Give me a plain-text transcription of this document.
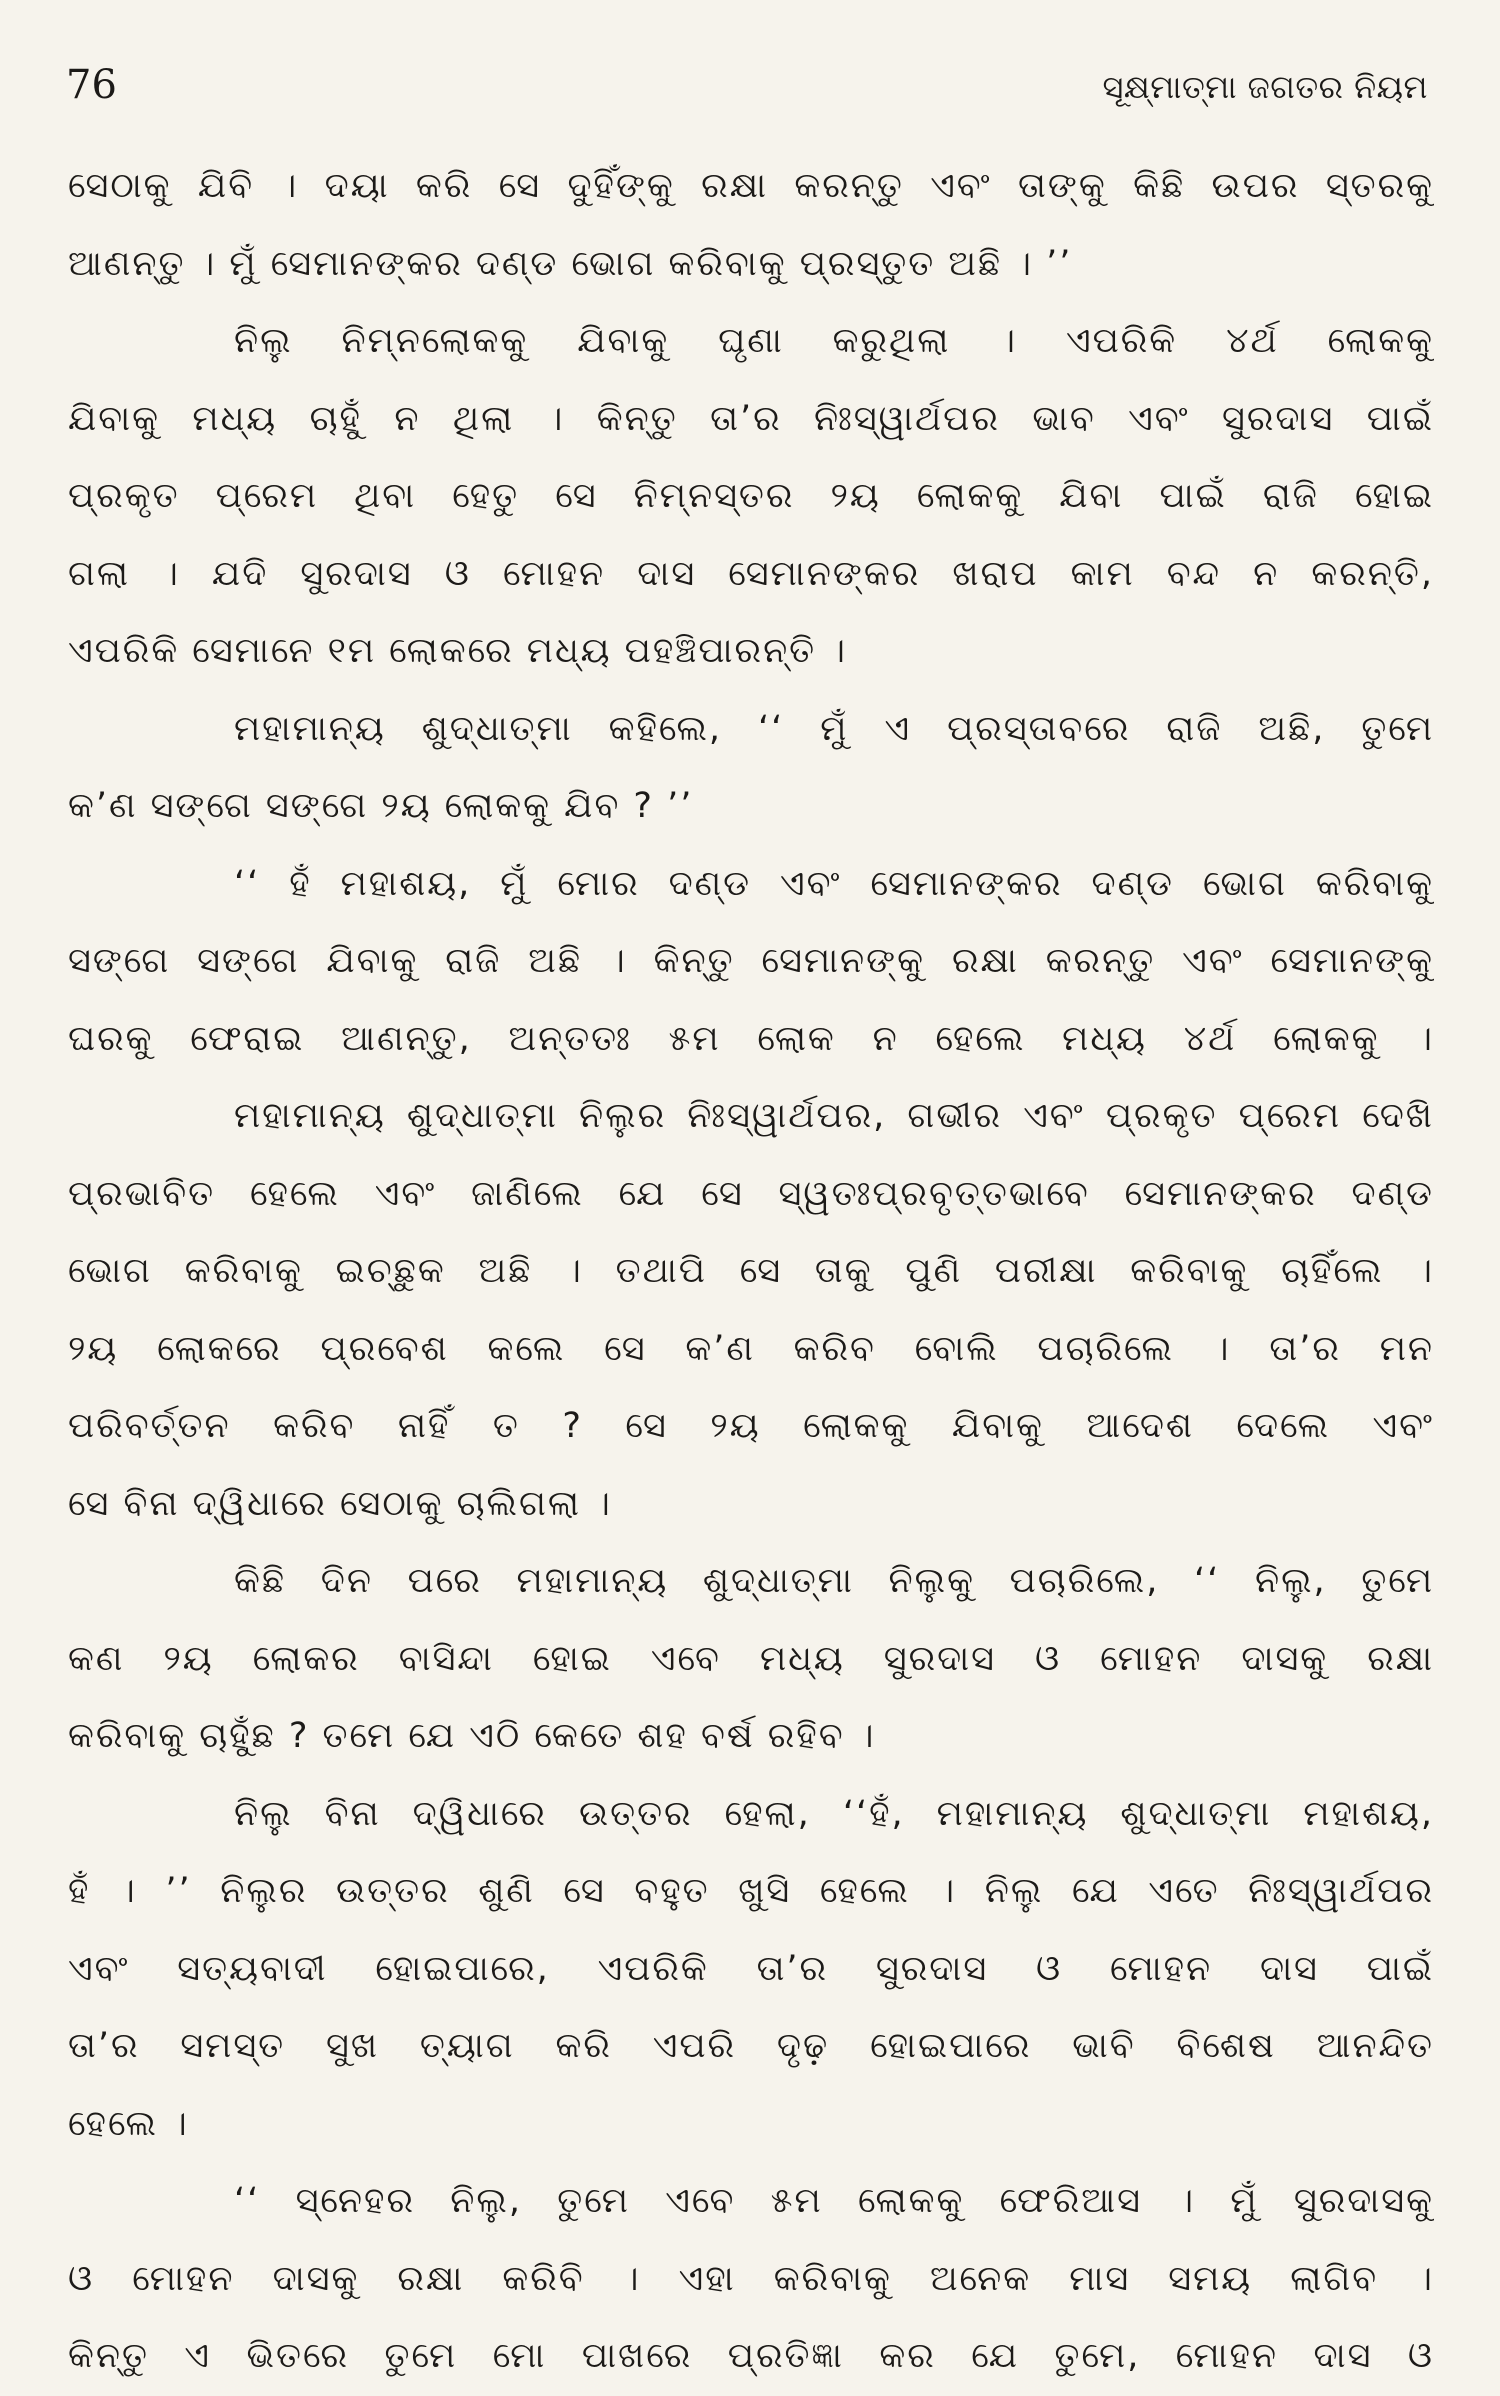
76	ସୂକ୍ଷ୍ମାତ୍ମା ଜଗତର ନିୟମ
ସେଠାକୁ ଯିବି । ଦୟା କରି ସେ ଦୁହିଁଙ୍କୁ ରକ୍ଷା କରନ୍ତୁ ଏବଂ ତାଙ୍କୁ କିଛି ଉପର ସ୍ତରକୁ
ଆଣନ୍ତୁ । ମୁଁ ସେମାନଙ୍କର ଦଣ୍ଡ ଭୋଗ କରିବାକୁ ପ୍ରସ୍ତୁତ ଅଛି । ’’
ନିଲୁ ନିମ୍ନଲୋକକୁ ଯିବାକୁ ଘୃଣା କରୁଥିଲା । ଏପରିକି ୪ର୍ଥ ଲୋକକୁ
ଯିବାକୁ ମଧ୍ୟ ଚାହୁଁ ନ ଥିଲା । କିନ୍ତୁ ତା’ର ନିଃସ୍ୱାର୍ଥପର ଭାବ ଏବଂ ସୁରଦାସ ପାଇଁ
ପ୍ରକୃତ ପ୍ରେମ ଥିବା ହେତୁ ସେ ନିମ୍ନସ୍ତର ୨ୟ ଲୋକକୁ ଯିବା ପାଇଁ ରାଜି ହୋଇ
ଗଲା । ଯଦି ସୁରଦାସ ଓ ମୋହନ ଦାସ ସେମାନଙ୍କର ଖରାପ କାମ ବନ୍ଦ ନ କରନ୍ତି,
ଏପରିକି ସେମାନେ ୧ମ ଲୋକରେ ମଧ୍ୟ ପହଞ୍ଚିପାରନ୍ତି ।
ମହାମାନ୍ୟ ଶୁଦ୍ଧାତ୍ମା କହିଲେ, ‘‘ ମୁଁ ଏ ପ୍ରସ୍ତାବରେ ରାଜି ଅଛି, ତୁମେ
କ’ଣ ସଙ୍ଗେ ସଙ୍ଗେ ୨ୟ ଲୋକକୁ ଯିବ ? ’’
‘‘ ହଁ ମହାଶୟ, ମୁଁ ମୋର ଦଣ୍ଡ ଏବଂ ସେମାନଙ୍କର ଦଣ୍ଡ ଭୋଗ କରିବାକୁ
ସଙ୍ଗେ ସଙ୍ଗେ ଯିବାକୁ ରାଜି ଅଛି । କିନ୍ତୁ ସେମାନଙ୍କୁ ରକ୍ଷା କରନ୍ତୁ ଏବଂ ସେମାନଙ୍କୁ
ଘରକୁ ଫେରାଇ ଆଣନ୍ତୁ, ଅନ୍ତତଃ ୫ମ ଲୋକ ନ ହେଲେ ମଧ୍ୟ ୪ର୍ଥ ଲୋକକୁ ।
ମହାମାନ୍ୟ ଶୁଦ୍ଧାତ୍ମା ନିଲୁର ନିଃସ୍ୱାର୍ଥପର, ଗଭୀର ଏବଂ ପ୍ରକୃତ ପ୍ରେମ ଦେଖି
ପ୍ରଭାବିତ ହେଲେ ଏବଂ ଜାଣିଲେ ଯେ ସେ ସ୍ୱତଃପ୍ରବୃତ୍ତଭାବେ ସେମାନଙ୍କର ଦଣ୍ଡ
ଭୋଗ କରିବାକୁ ଇଚ୍ଛୁକ ଅଛି । ତଥାପି ସେ ତାକୁ ପୁଣି ପରୀକ୍ଷା କରିବାକୁ ଚାହିଁଲେ ।
୨ୟ ଲୋକରେ ପ୍ରବେଶ କଲେ ସେ କ’ଣ କରିବ ବୋଲି ପଚାରିଲେ । ତା’ର ମନ
ପରିବର୍ତ୍ତନ କରିବ ନାହିଁ ତ ? ସେ ୨ୟ ଲୋକକୁ ଯିବାକୁ ଆଦେଶ ଦେଲେ ଏବଂ
ସେ ବିନା ଦ୍ୱିଧାରେ ସେଠାକୁ ଚାଲିଗଲା ।
କିଛି ଦିନ ପରେ ମହାମାନ୍ୟ ଶୁଦ୍ଧାତ୍ମା ନିଲୁକୁ ପଚାରିଲେ, ‘‘ ନିଲୁ, ତୁମେ
କଣ ୨ୟ ଲୋକର ବାସିନ୍ଦା ହୋଇ ଏବେ ମଧ୍ୟ ସୁରଦାସ ଓ ମୋହନ ଦାସକୁ ରକ୍ଷା
କରିବାକୁ ଚାହୁଁଛ ? ତମେ ଯେ ଏଠି କେତେ ଶହ ବର୍ଷ ରହିବ ।
ନିଲୁ ବିନା ଦ୍ୱିଧାରେ ଉତ୍ତର ହେଲା, ‘‘ହଁ, ମହାମାନ୍ୟ ଶୁଦ୍ଧାତ୍ମା ମହାଶୟ,
ହଁ । ’’ ନିଲୁର ଉତ୍ତର ଶୁଣି ସେ ବହୁତ ଖୁସି ହେଲେ । ନିଲୁ ଯେ ଏତେ ନିଃସ୍ୱାର୍ଥପର
ଏବଂ ସତ୍ୟବାଦୀ ହୋଇପାରେ, ଏପରିକି ତା’ର ସୁରଦାସ ଓ ମୋହନ ଦାସ ପାଇଁ
ତା’ର ସମସ୍ତ ସୁଖ ତ୍ୟାଗ କରି ଏପରି ଦୃଢ଼ ହୋଇପାରେ ଭାବି ବିଶେଷ ଆନନ୍ଦିତ
ହେଲେ ।
‘‘ ସ୍ନେହର ନିଲୁ, ତୁମେ ଏବେ ୫ମ ଲୋକକୁ ଫେରିଆସ । ମୁଁ ସୁରଦାସକୁ
ଓ ମୋହନ ଦାସକୁ ରକ୍ଷା କରିବି । ଏହା କରିବାକୁ ଅନେକ ମାସ ସମୟ ଲାଗିବ ।
କିନ୍ତୁ ଏ ଭିତରେ ତୁମେ ମୋ ପାଖରେ ପ୍ରତିଜ୍ଞା କର ଯେ ତୁମେ, ମୋହନ ଦାସ ଓ
